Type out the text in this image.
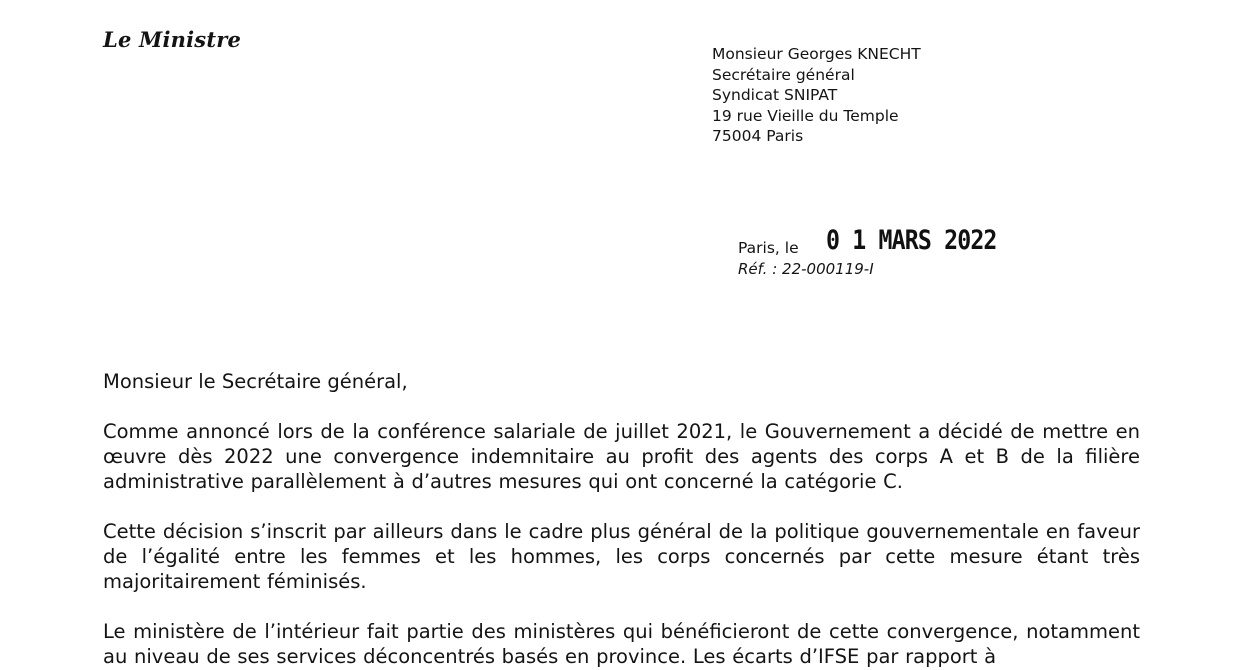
Le Ministre
Monsieur Georges KNECHT
Secrétaire général
Syndicat SNIPAT
19 rue Vieille du Temple
75004 Paris
Paris, le 0 1 MARS 2022
Réf. : 22-000119-I

Monsieur le Secrétaire général,

Comme annoncé lors de la conférence salariale de juillet 2021, le Gouvernement a décidé de mettre en œuvre dès 2022 une convergence indemnitaire au profit des agents des corps A et B de la filière administrative parallèlement à d’autres mesures qui ont concerné la catégorie C.

Cette décision s’inscrit par ailleurs dans le cadre plus général de la politique gouvernementale en faveur de l’égalité entre les femmes et les hommes, les corps concernés par cette mesure étant très majoritairement féminisés.

Le ministère de l’intérieur fait partie des ministères qui bénéficieront de cette convergence, notamment au niveau de ses services déconcentrés basés en province. Les écarts d’IFSE par rapport à
